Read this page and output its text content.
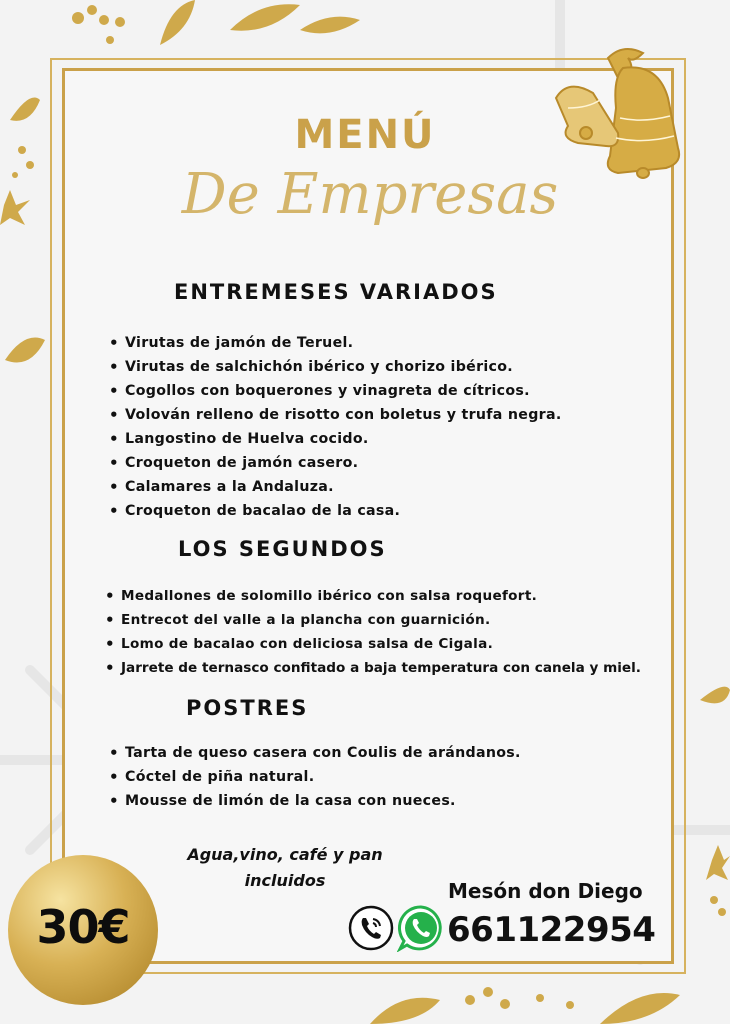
MENÚ
De Empresas
ENTREMESES VARIADOS
• Virutas de jamón de Teruel.
• Virutas de salchichón ibérico y chorizo ibérico.
• Cogollos con boquerones y vinagreta de cítricos.
• Volován relleno de risotto con boletus y trufa negra.
• Langostino de Huelva cocido.
• Croqueton de jamón casero.
• Calamares a la Andaluza.
• Croqueton de bacalao de la casa.
LOS SEGUNDOS
• Medallones de solomillo ibérico con salsa roquefort.
• Entrecot del valle a la plancha con guarnición.
• Lomo de bacalao con deliciosa salsa de Cigala.
• Jarrete de ternasco confitado a baja temperatura con canela y miel.
POSTRES
• Tarta de queso casera con Coulis de arándanos.
• Cóctel de piña natural.
• Mousse de limón de la casa con nueces.
Agua,vino, café y pan
incluidos
30€
Mesón don Diego
661122954
